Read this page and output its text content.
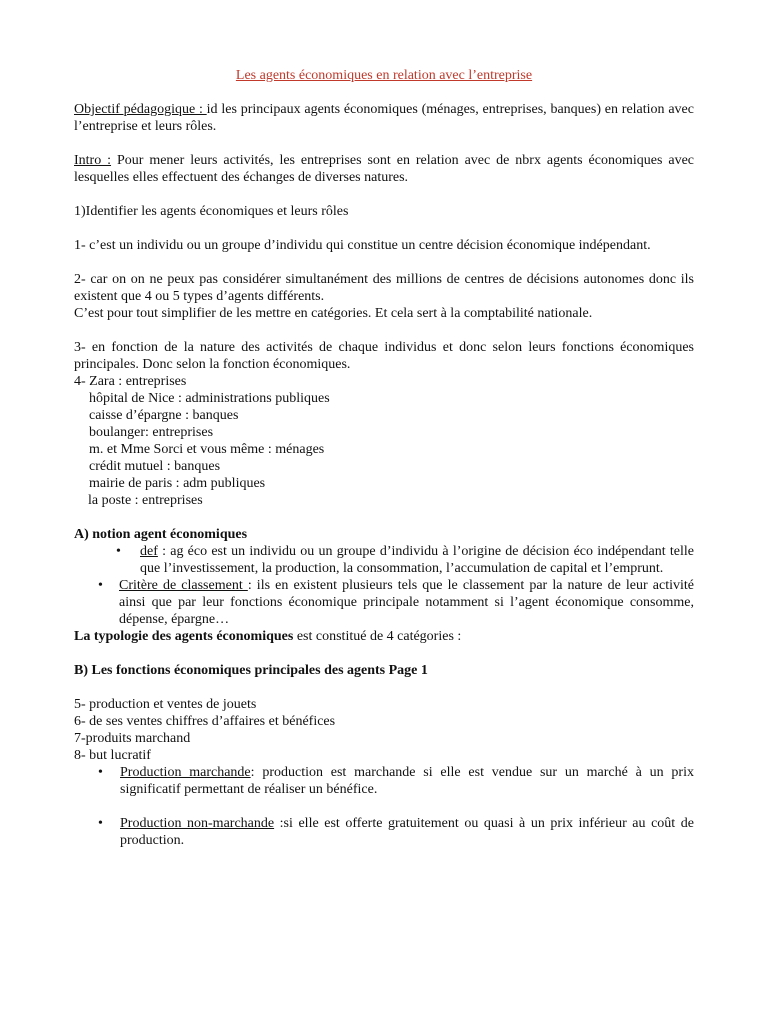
Les agents économiques en relation avec l’entreprise

Objectif pédagogique : id les principaux agents économiques (ménages, entreprises, banques) en relation avec l’entreprise et leurs rôles.

Intro : Pour mener leurs activités, les entreprises sont en relation avec de nbrx agents économiques avec lesquelles elles effectuent des échanges de diverses natures.

1)Identifier les agents économiques et leurs rôles

1- c’est un individu ou un groupe d’individu qui constitue un centre décision économique indépendant.

2- car on on ne peux pas considérer simultanément des millions de centres de décisions autonomes donc ils existent que 4 ou 5 types d’agents différents.

C’est pour tout simplifier de les mettre en catégories. Et cela sert à la comptabilité nationale.

3- en fonction de la nature des activités de chaque individus et donc selon leurs fonctions économiques principales. Donc selon la fonction économiques.

4- Zara : entreprises
hôpital de Nice : administrations publiques
caisse d’épargne : banques
boulanger: entreprises
m. et Mme Sorci et vous même : ménages
crédit mutuel : banques
mairie de paris : adm publiques
la poste : entreprises

A) notion agent économiques

• def : ag éco est un individu ou un groupe d’individu à l’origine de décision éco indépendant telle que l’investissement, la production, la consommation, l’accumulation de capital et l’emprunt.
• Critère de classement : ils en existent plusieurs tels que le classement par la nature de leur activité ainsi que par leur fonctions économique principale notamment si l’agent économique consomme, dépense, épargne…

La typologie des agents économiques est constitué de 4 catégories :

B) Les fonctions économiques principales des agents Page 1

5- production et ventes de jouets
6- de ses ventes chiffres d’affaires et bénéfices
7-produits marchand
8- but lucratif
• Production marchande: production est marchande si elle est vendue sur un marché à un prix significatif permettant de réaliser un bénéfice.
• Production non-marchande :si elle est offerte gratuitement ou quasi à un prix inférieur au coût de production.
